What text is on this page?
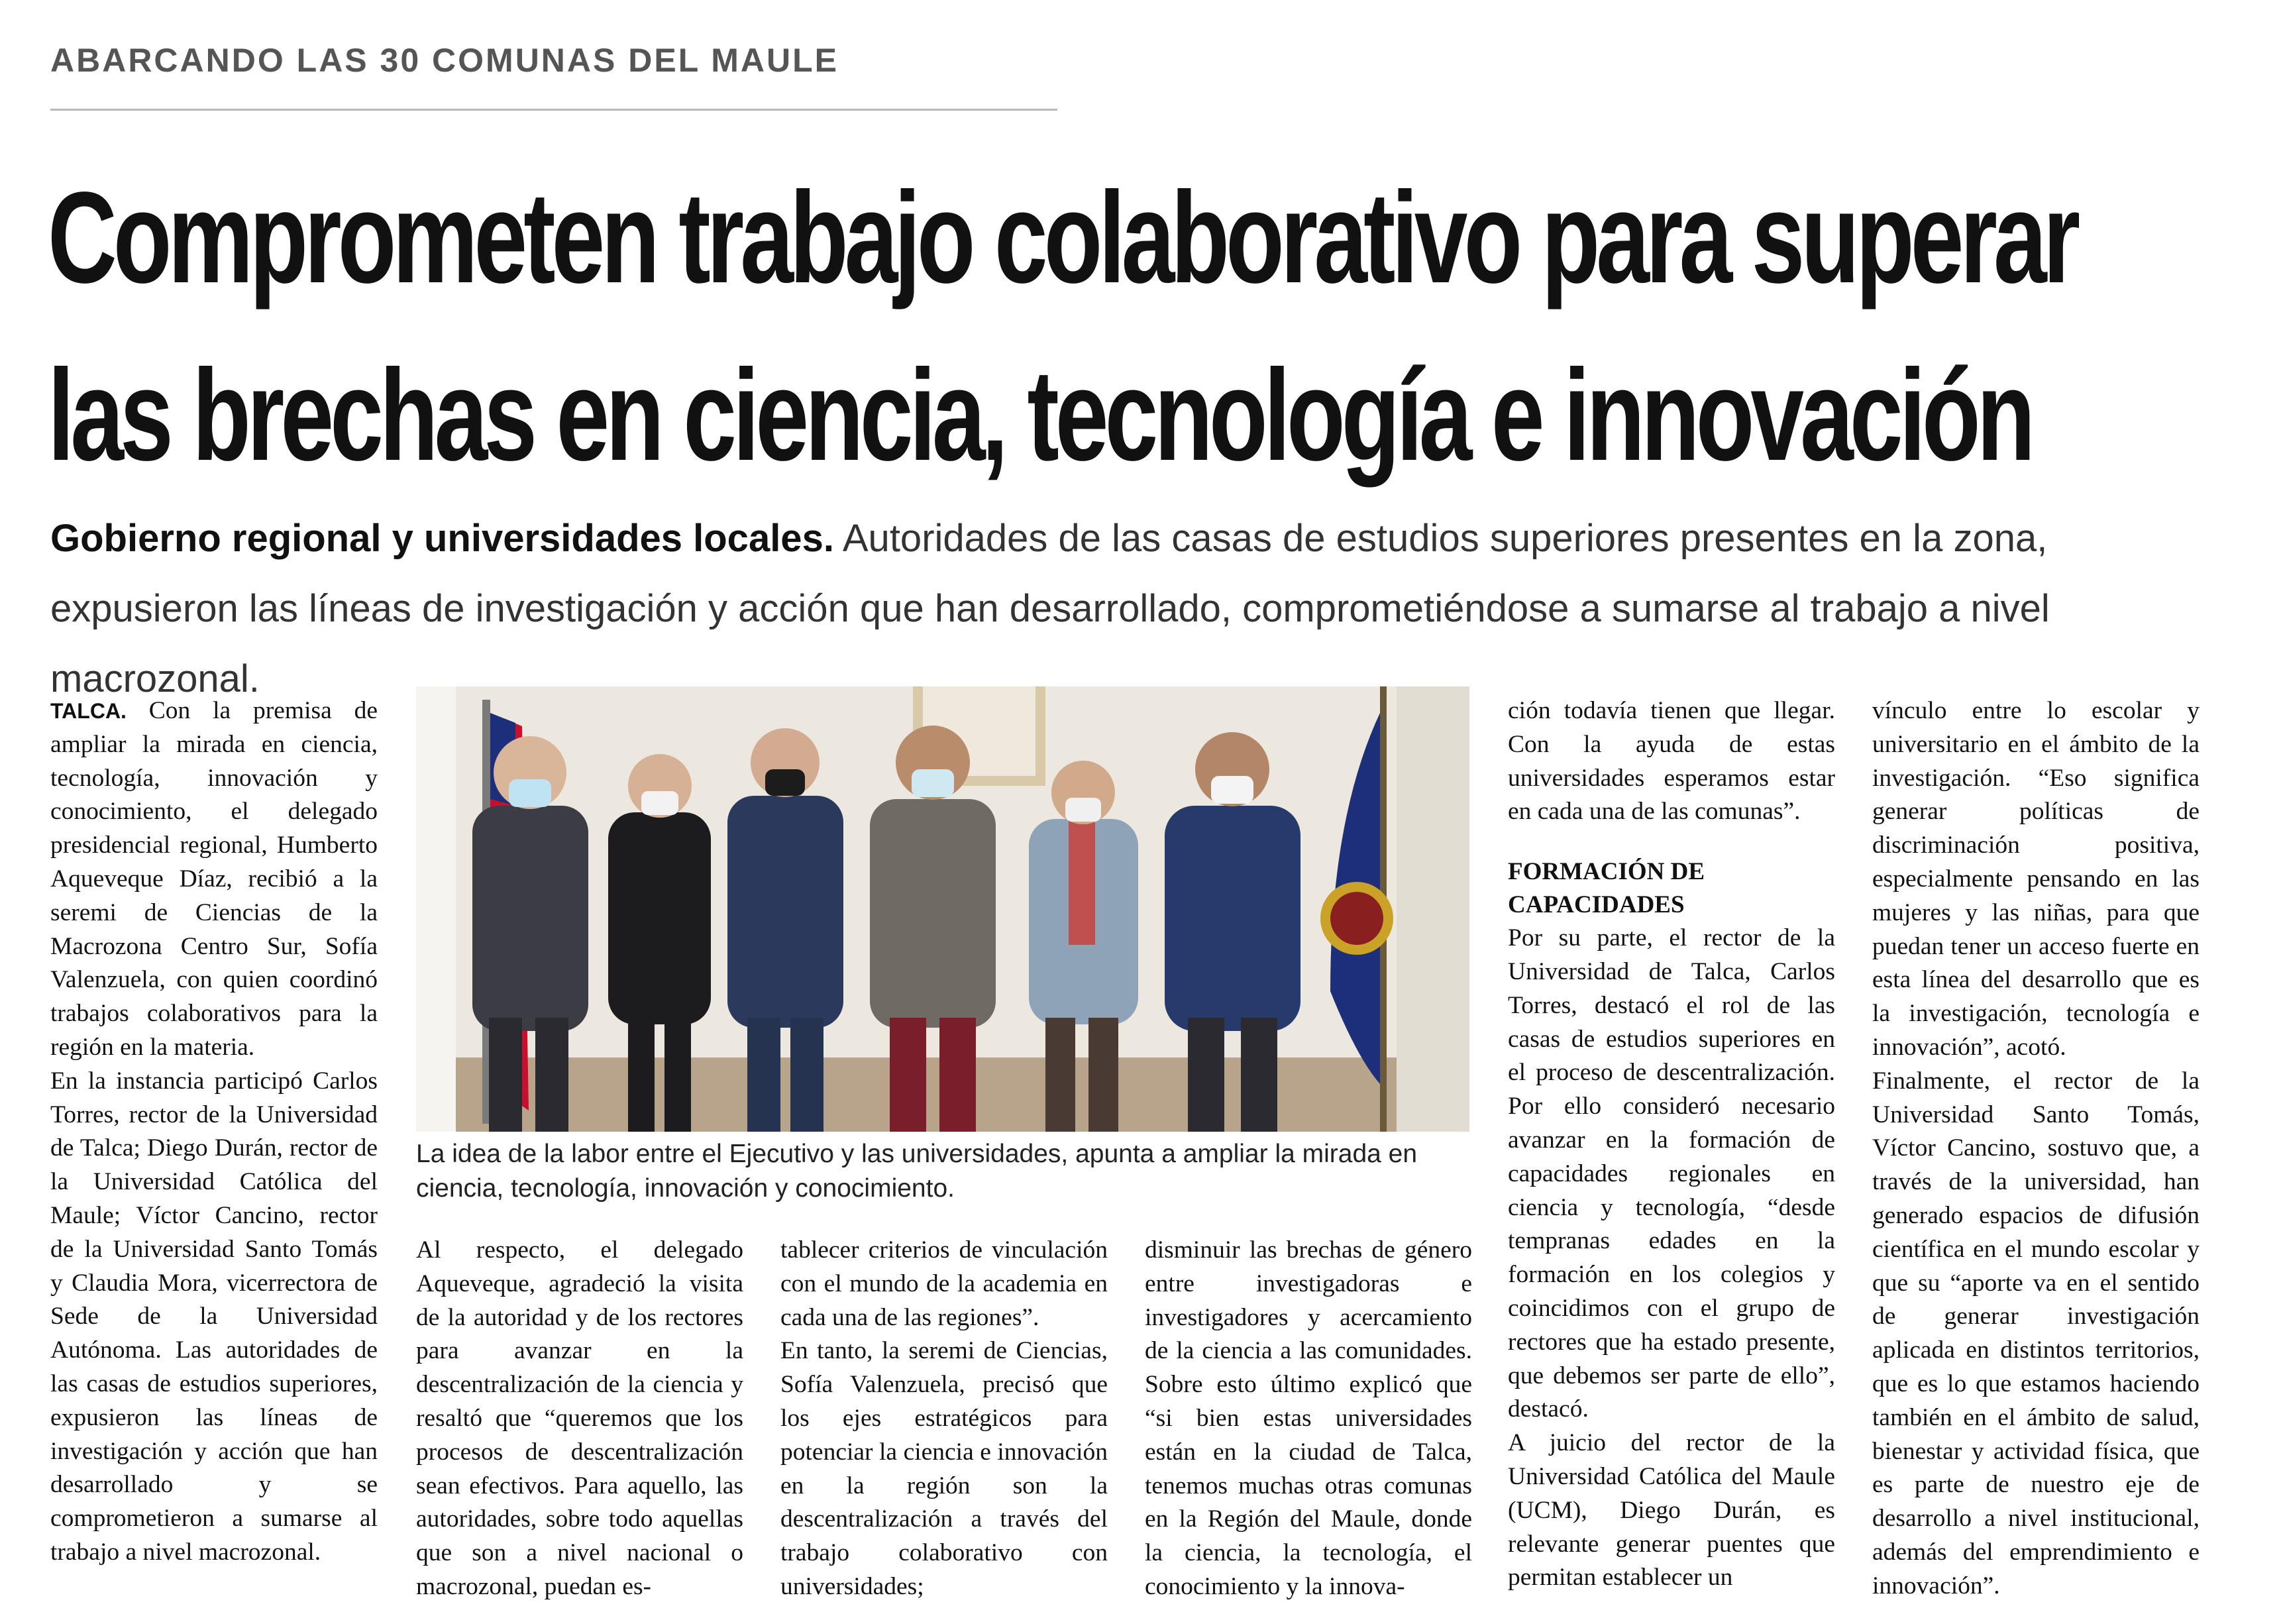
ABARCANDO LAS 30 COMUNAS DEL MAULE
Comprometen trabajo colaborativo para superar
las brechas en ciencia, tecnología e innovación
Gobierno regional y universidades locales. Autoridades de las casas de estudios superiores presentes en la zona, expusieron las líneas de investigación y acción que han desarrollado, comprometiéndose a sumarse al trabajo a nivel macrozonal.

TALCA. Con la premisa de ampliar la mirada en ciencia, tecnología, innovación y conocimiento, el delegado presidencial regional, Humberto Aqueveque Díaz, recibió a la seremi de Ciencias de la Macrozona Centro Sur, Sofía Valenzuela, con quien coordinó trabajos colaborativos para la región en la materia.

En la instancia participó Carlos Torres, rector de la Universidad de Talca; Diego Durán, rector de la Universidad Católica del Maule; Víctor Cancino, rector de la Universidad Santo Tomás y Claudia Mora, vicerrectora de Sede de la Universidad Autónoma. Las autoridades de las casas de estudios superiores, expusieron las líneas de investigación y acción que han desarrollado y se comprometieron a sumarse al trabajo a nivel macrozonal.

La idea de la labor entre el Ejecutivo y las universidades, apunta a ampliar la mirada en ciencia, tecnología, innovación y conocimiento.

Al respecto, el delegado Aqueveque, agradeció la visita de la autoridad y de los rectores para avanzar en la descentralización de la ciencia y resaltó que “queremos que los procesos de descentralización sean efectivos. Para aquello, las autoridades, sobre todo aquellas que son a nivel nacional o macrozonal, puedan es-

tablecer criterios de vinculación con el mundo de la academia en cada una de las regiones”.

En tanto, la seremi de Ciencias, Sofía Valenzuela, precisó que los ejes estratégicos para potenciar la ciencia e innovación en la región son la descentralización a través del trabajo colaborativo con universidades;

disminuir las brechas de género entre investigadoras e investigadores y acercamiento de la ciencia a las comunidades. Sobre esto último explicó que “si bien estas universidades están en la ciudad de Talca, tenemos muchas otras comunas en la Región del Maule, donde la ciencia, la tecnología, el conocimiento y la innova-

ción todavía tienen que llegar. Con la ayuda de estas universidades esperamos estar en cada una de las comunas”.

FORMACIÓN DE CAPACIDADES

Por su parte, el rector de la Universidad de Talca, Carlos Torres, destacó el rol de las casas de estudios superiores en el proceso de descentralización. Por ello consideró necesario avanzar en la formación de capacidades regionales en ciencia y tecnología, “desde tempranas edades en la formación en los colegios y coincidimos con el grupo de rectores que ha estado presente, que debemos ser parte de ello”, destacó.

A juicio del rector de la Universidad Católica del Maule (UCM), Diego Durán, es relevante generar puentes que permitan establecer un

vínculo entre lo escolar y universitario en el ámbito de la investigación. “Eso significa generar políticas de discriminación positiva, especialmente pensando en las mujeres y las niñas, para que puedan tener un acceso fuerte en esta línea del desarrollo que es la investigación, tecnología e innovación”, acotó.

Finalmente, el rector de la Universidad Santo Tomás, Víctor Cancino, sostuvo que, a través de la universidad, han generado espacios de difusión científica en el mundo escolar y que su “aporte va en el sentido de generar investigación aplicada en distintos territorios, que es lo que estamos haciendo también en el ámbito de salud, bienestar y actividad física, que es parte de nuestro eje de desarrollo a nivel institucional, además del emprendimiento e innovación”.
